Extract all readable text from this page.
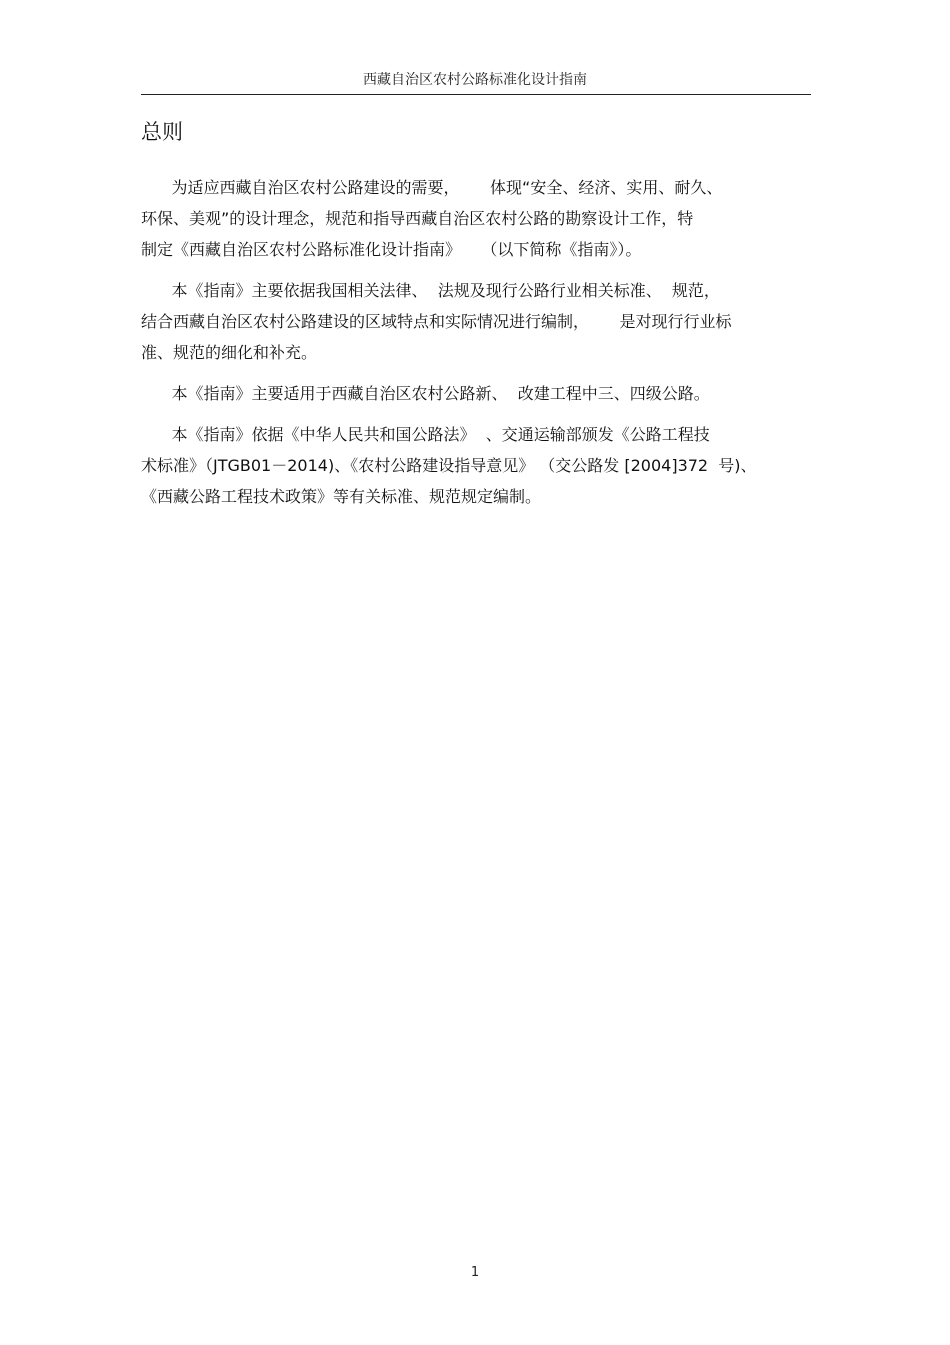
西藏自治区农村公路标准化设计指南
总则
为适应西藏自治区农村公路建设的需要，      体现“安全、经济、实用、耐久、
环保、美观”的设计理念，规范和指导西藏自治区农村公路的勘察设计工作，特
制定《西藏自治区农村公路标准化设计指南》    （以下简称《指南》）。
本《指南》主要依据我国相关法律、  法规及现行公路行业相关标准、  规范，
结合西藏自治区农村公路建设的区域特点和实际情况进行编制，      是对现行行业标
准、规范的细化和补充。
本《指南》主要适用于西藏自治区农村公路新、  改建工程中三、四级公路。
本《指南》依据《中华人民共和国公路法》  、交通运输部颁发《公路工程技
术标准》（JTGB01－2014)、《农村公路建设指导意见》 （交公路发 [2004]372  号)、
《西藏公路工程技术政策》等有关标准、规范规定编制。
1
